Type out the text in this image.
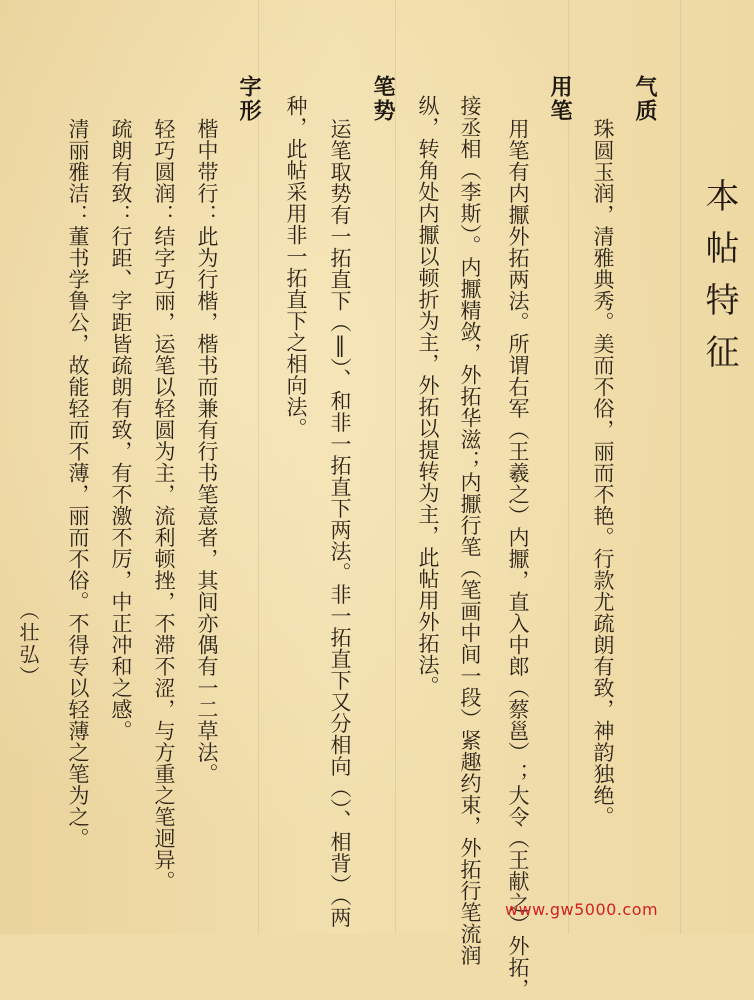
本帖特征
气质
珠圆玉润，清雅典秀。美而不俗，丽而不艳。行款尤疏朗有致，神韵独绝。
用笔
用笔有内擫外拓两法。所谓右军（王羲之）内擫，直入中郎（蔡邕）；大令（王献之）外拓，
接丞相（李斯）。内擫精敛，外拓华滋；内擫行笔（笔画中间一段）紧趣约束，外拓行笔流润
纵，转角处内擫以顿折为主，外拓以提转为主，此帖用外拓法。
笔势
运笔取势有一拓直下（‖）、和非一拓直下两法。非一拓直下又分相向（）、相背）（两
种，此帖采用非一拓直下之相向法。
字形
楷中带行：此为行楷，楷书而兼有行书笔意者，其间亦偶有一二草法。
轻巧圆润：结字巧丽，运笔以轻圆为主，流利顿挫，不滞不涩，与方重之笔迥异。
疏朗有致：行距、字距皆疏朗有致，有不激不厉，中正冲和之感。
清丽雅洁：董书学鲁公，故能轻而不薄，丽而不俗。不得专以轻薄之笔为之。
（壮弘）
www.gw5000.com
